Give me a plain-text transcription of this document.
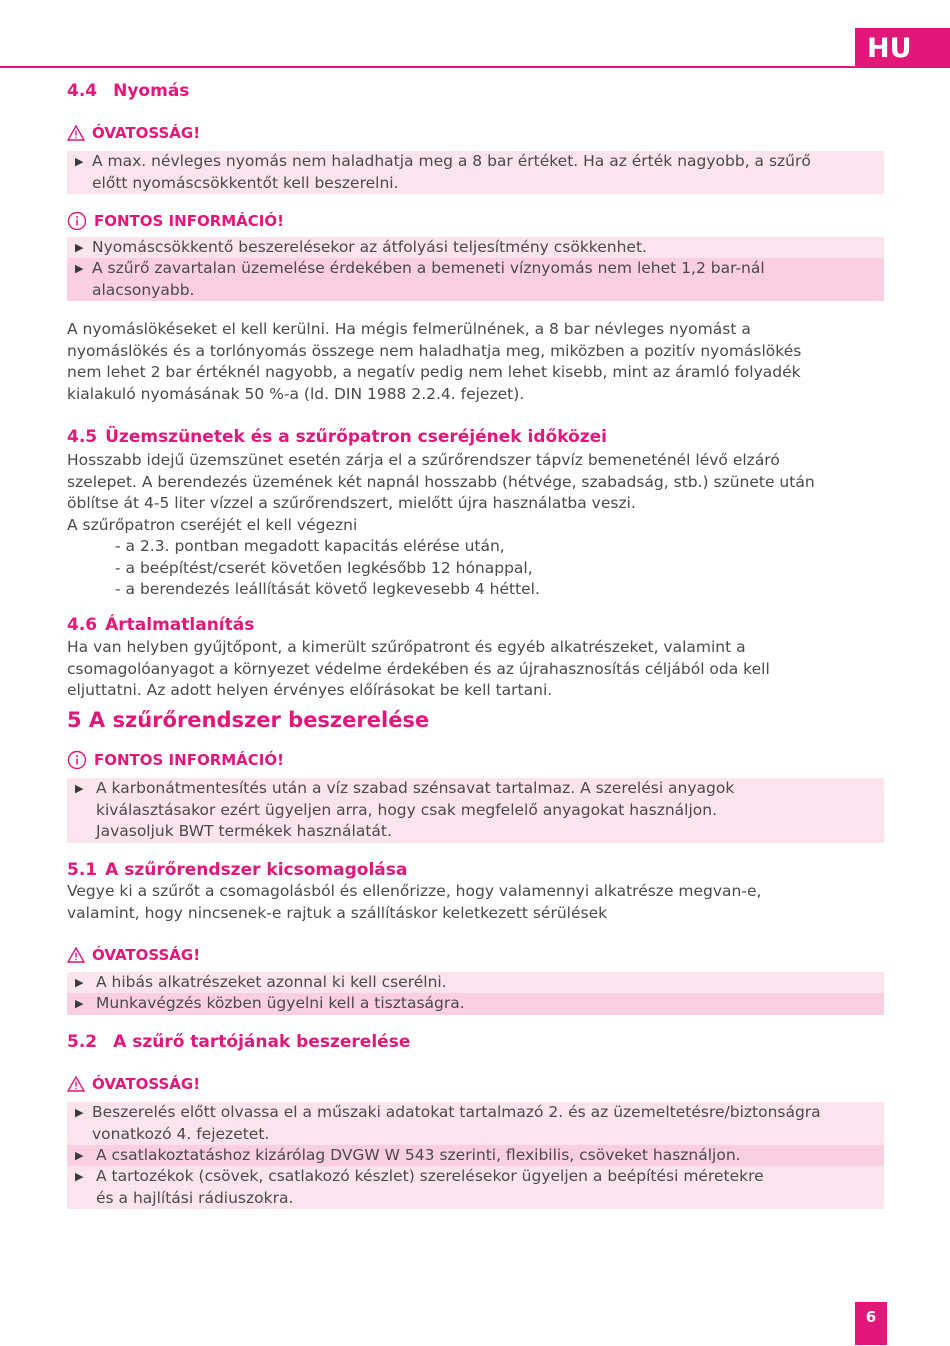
HU
4.4 Nyomás
ÓVATOSSÁG!
▶ A max. névleges nyomás nem haladhatja meg a 8 bar értéket. Ha az érték nagyobb, a szűrő
előtt nyomáscsökkentőt kell beszerelni.
FONTOS INFORMÁCIÓ!
▶ Nyomáscsökkentő beszerelésekor az átfolyási teljesítmény csökkenhet.
▶ A szűrő zavartalan üzemelése érdekében a bemeneti víznyomás nem lehet 1,2 bar-nál
alacsonyabb.
A nyomáslökéseket el kell kerülni. Ha mégis felmerülnének, a 8 bar névleges nyomást a
nyomáslökés és a torlónyomás összege nem haladhatja meg, miközben a pozitív nyomáslökés
nem lehet 2 bar értéknél nagyobb, a negatív pedig nem lehet kisebb, mint az áramló folyadék
kialakuló nyomásának 50 %-a (ld. DIN 1988 2.2.4. fejezet).
4.5 Üzemszünetek és a szűrőpatron cseréjének időközei
Hosszabb idejű üzemszünet esetén zárja el a szűrőrendszer tápvíz bemeneténél lévő elzáró
szelepet. A berendezés üzemének két napnál hosszabb (hétvége, szabadság, stb.) szünete után
öblítse át 4-5 liter vízzel a szűrőrendszert, mielőtt újra használatba veszi.
A szűrőpatron cseréjét el kell végezni
- a 2.3. pontban megadott kapacitás elérése után,
- a beépítést/cserét követően legkésőbb 12 hónappal,
- a berendezés leállítását követő legkevesebb 4 héttel.
4.6 Ártalmatlanítás
Ha van helyben gyűjtőpont, a kimerült szűrőpatront és egyéb alkatrészeket, valamint a
csomagolóanyagot a környezet védelme érdekében és az újrahasznosítás céljából oda kell
eljuttatni. Az adott helyen érvényes előírásokat be kell tartani.
5 A szűrőrendszer beszerelése
FONTOS INFORMÁCIÓ!
▶ A karbonátmentesítés után a víz szabad szénsavat tartalmaz. A szerelési anyagok
kiválasztásakor ezért ügyeljen arra, hogy csak megfelelő anyagokat használjon.
Javasoljuk BWT termékek használatát.
5.1 A szűrőrendszer kicsomagolása
Vegye ki a szűrőt a csomagolásból és ellenőrizze, hogy valamennyi alkatrésze megvan-e,
valamint, hogy nincsenek-e rajtuk a szállításkor keletkezett sérülések
ÓVATOSSÁG!
▶ A hibás alkatrészeket azonnal ki kell cserélni.
▶ Munkavégzés közben ügyelni kell a tisztaságra.
5.2 A szűrő tartójának beszerelése
ÓVATOSSÁG!
▶ Beszerelés előtt olvassa el a műszaki adatokat tartalmazó 2. és az üzemeltetésre/biztonságra
vonatkozó 4. fejezetet.
▶ A csatlakoztatáshoz kizárólag DVGW W 543 szerinti, flexibilis, csöveket használjon.
▶ A tartozékok (csövek, csatlakozó készlet) szerelésekor ügyeljen a beépítési méretekre
és a hajlítási rádiuszokra.
6
